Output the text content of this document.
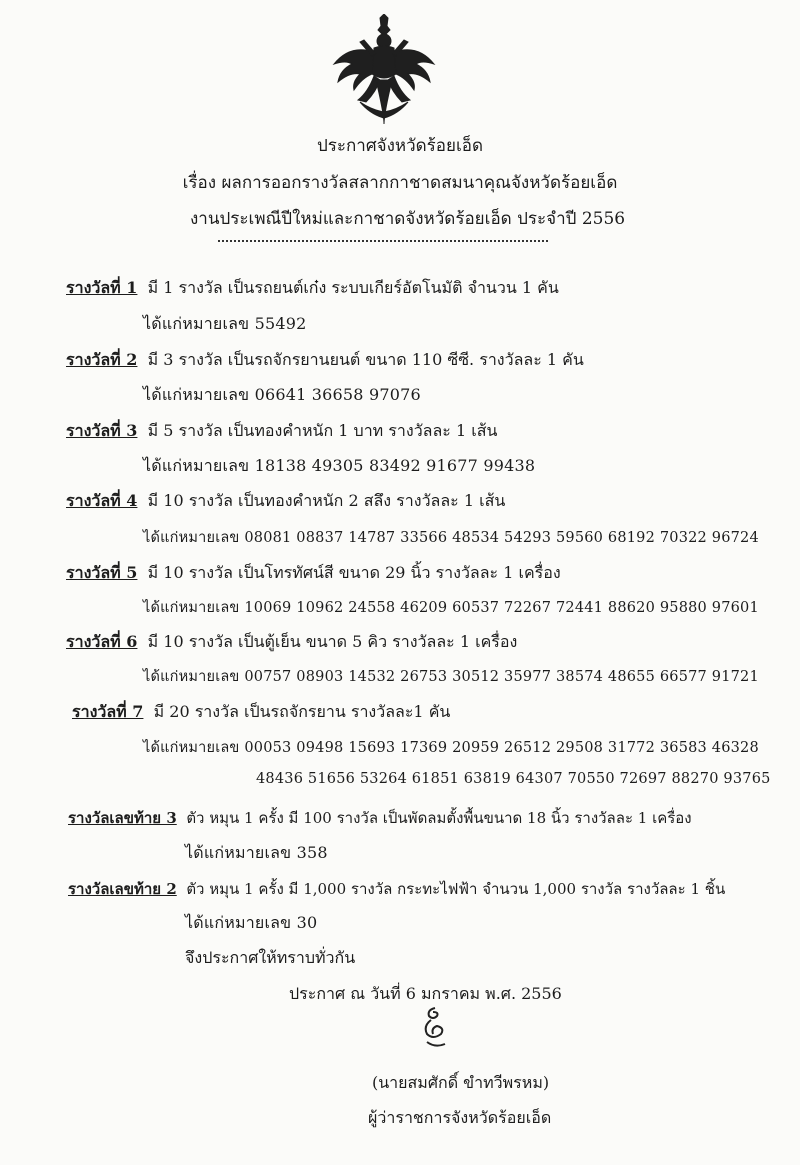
ประกาศจังหวัดร้อยเอ็ด
เรื่อง ผลการออกรางวัลสลากกาชาดสมนาคุณจังหวัดร้อยเอ็ด
งานประเพณีปีใหม่และกาชาดจังหวัดร้อยเอ็ด ประจำปี 2556
รางวัลที่ 1 มี 1 รางวัล เป็นรถยนต์เก๋ง ระบบเกียร์อัตโนมัติ จำนวน 1 คัน
ได้แก่หมายเลข 55492
รางวัลที่ 2 มี 3 รางวัล เป็นรถจักรยานยนต์ ขนาด 110 ซีซี. รางวัลละ 1 คัน
ได้แก่หมายเลข 06641 36658 97076
รางวัลที่ 3 มี 5 รางวัล เป็นทองคำหนัก 1 บาท รางวัลละ 1 เส้น
ได้แก่หมายเลข 18138 49305 83492 91677 99438
รางวัลที่ 4 มี 10 รางวัล เป็นทองคำหนัก 2 สลึง รางวัลละ 1 เส้น
ได้แก่หมายเลข 08081 08837 14787 33566 48534 54293 59560 68192 70322 96724
รางวัลที่ 5 มี 10 รางวัล เป็นโทรทัศน์สี ขนาด 29 นิ้ว รางวัลละ 1 เครื่อง
ได้แก่หมายเลข 10069 10962 24558 46209 60537 72267 72441 88620 95880 97601
รางวัลที่ 6 มี 10 รางวัล เป็นตู้เย็น ขนาด 5 คิว รางวัลละ 1 เครื่อง
ได้แก่หมายเลข 00757 08903 14532 26753 30512 35977 38574 48655 66577 91721
รางวัลที่ 7 มี 20 รางวัล เป็นรถจักรยาน รางวัลละ1 คัน
ได้แก่หมายเลข 00053 09498 15693 17369 20959 26512 29508 31772 36583 46328
48436 51656 53264 61851 63819 64307 70550 72697 88270 93765
รางวัลเลขท้าย 3 ตัว หมุน 1 ครั้ง มี 100 รางวัล เป็นพัดลมตั้งพื้นขนาด 18 นิ้ว รางวัลละ 1 เครื่อง
ได้แก่หมายเลข 358
รางวัลเลขท้าย 2 ตัว หมุน 1 ครั้ง มี 1,000 รางวัล กระทะไฟฟ้า จำนวน 1,000 รางวัล รางวัลละ 1 ชิ้น
ได้แก่หมายเลข 30
จึงประกาศให้ทราบทั่วกัน
ประกาศ ณ วันที่ 6 มกราคม พ.ศ. 2556
(นายสมศักดิ์ ขำทวีพรหม)
ผู้ว่าราชการจังหวัดร้อยเอ็ด
